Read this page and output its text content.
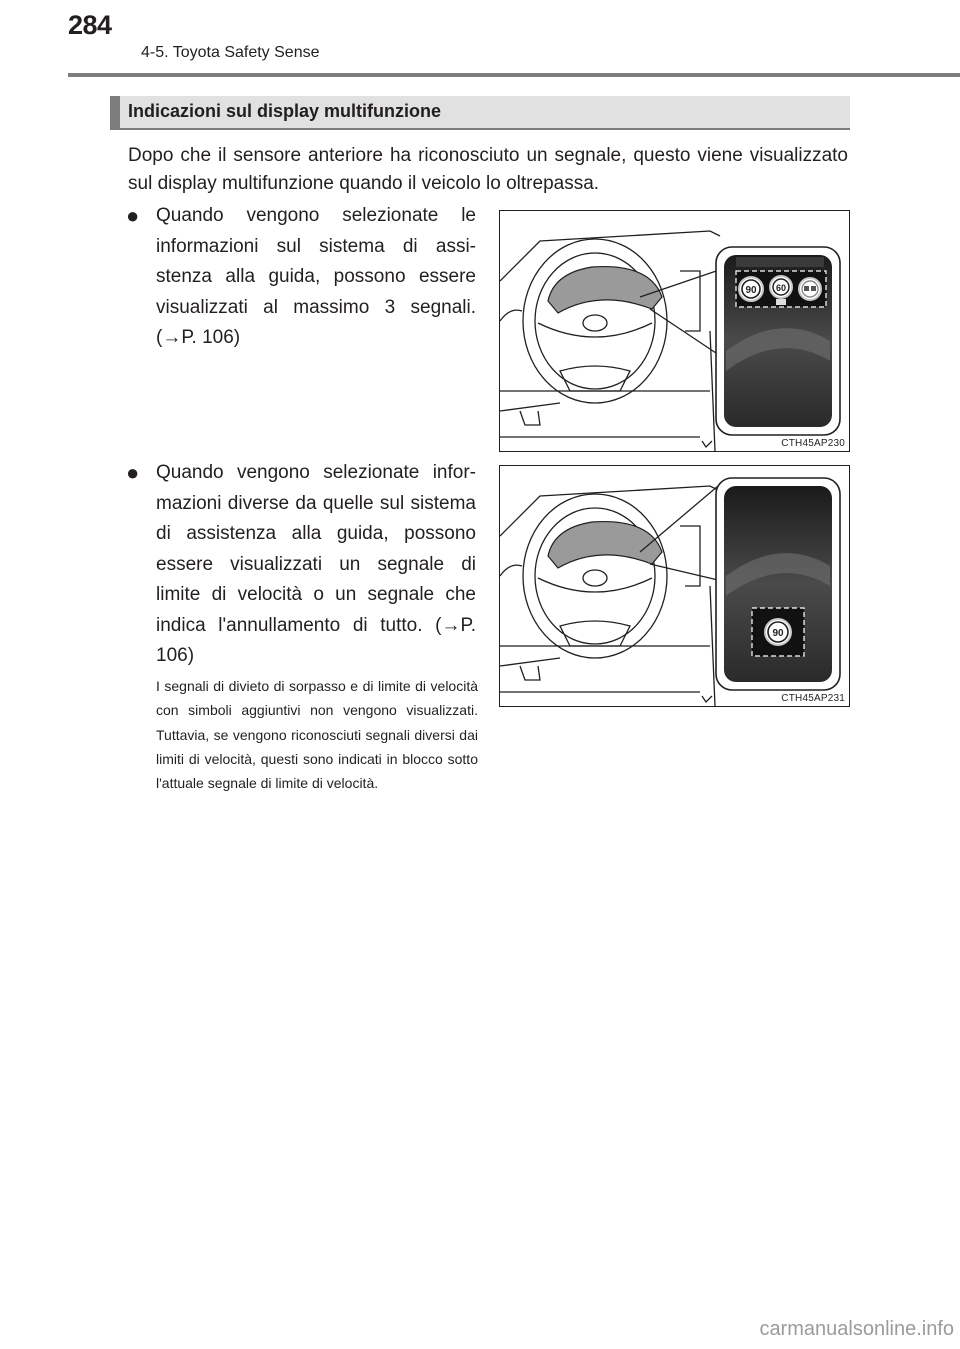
284
4-5. Toyota Safety Sense
Indicazioni sul display multifunzione

Dopo che il sensore anteriore ha riconosciuto un segnale, questo viene visualizzato sul display multifunzione quando il veicolo lo oltrepassa.

● Quando vengono selezionate le informazioni sul sistema di assi-stenza alla guida, possono essere visualizzati al massimo 3 segnali. (→P. 106)

● Quando vengono selezionate infor-mazioni diverse da quelle sul sistema di assistenza alla guida, possono essere visualizzati un segnale di limite di velocità o un segnale che indica l'annullamento di tutto. (→P. 106)

I segnali di divieto di sorpasso e di limite di velocità con simboli aggiuntivi non vengono visualizzati. Tuttavia, se vengono riconosciuti segnali diversi dai limiti di velocità, questi sono indicati in blocco sotto l'attuale segnale di limite di velocità.

90 60
CTH45AP230
90
CTH45AP231
carmanualsonline.info
